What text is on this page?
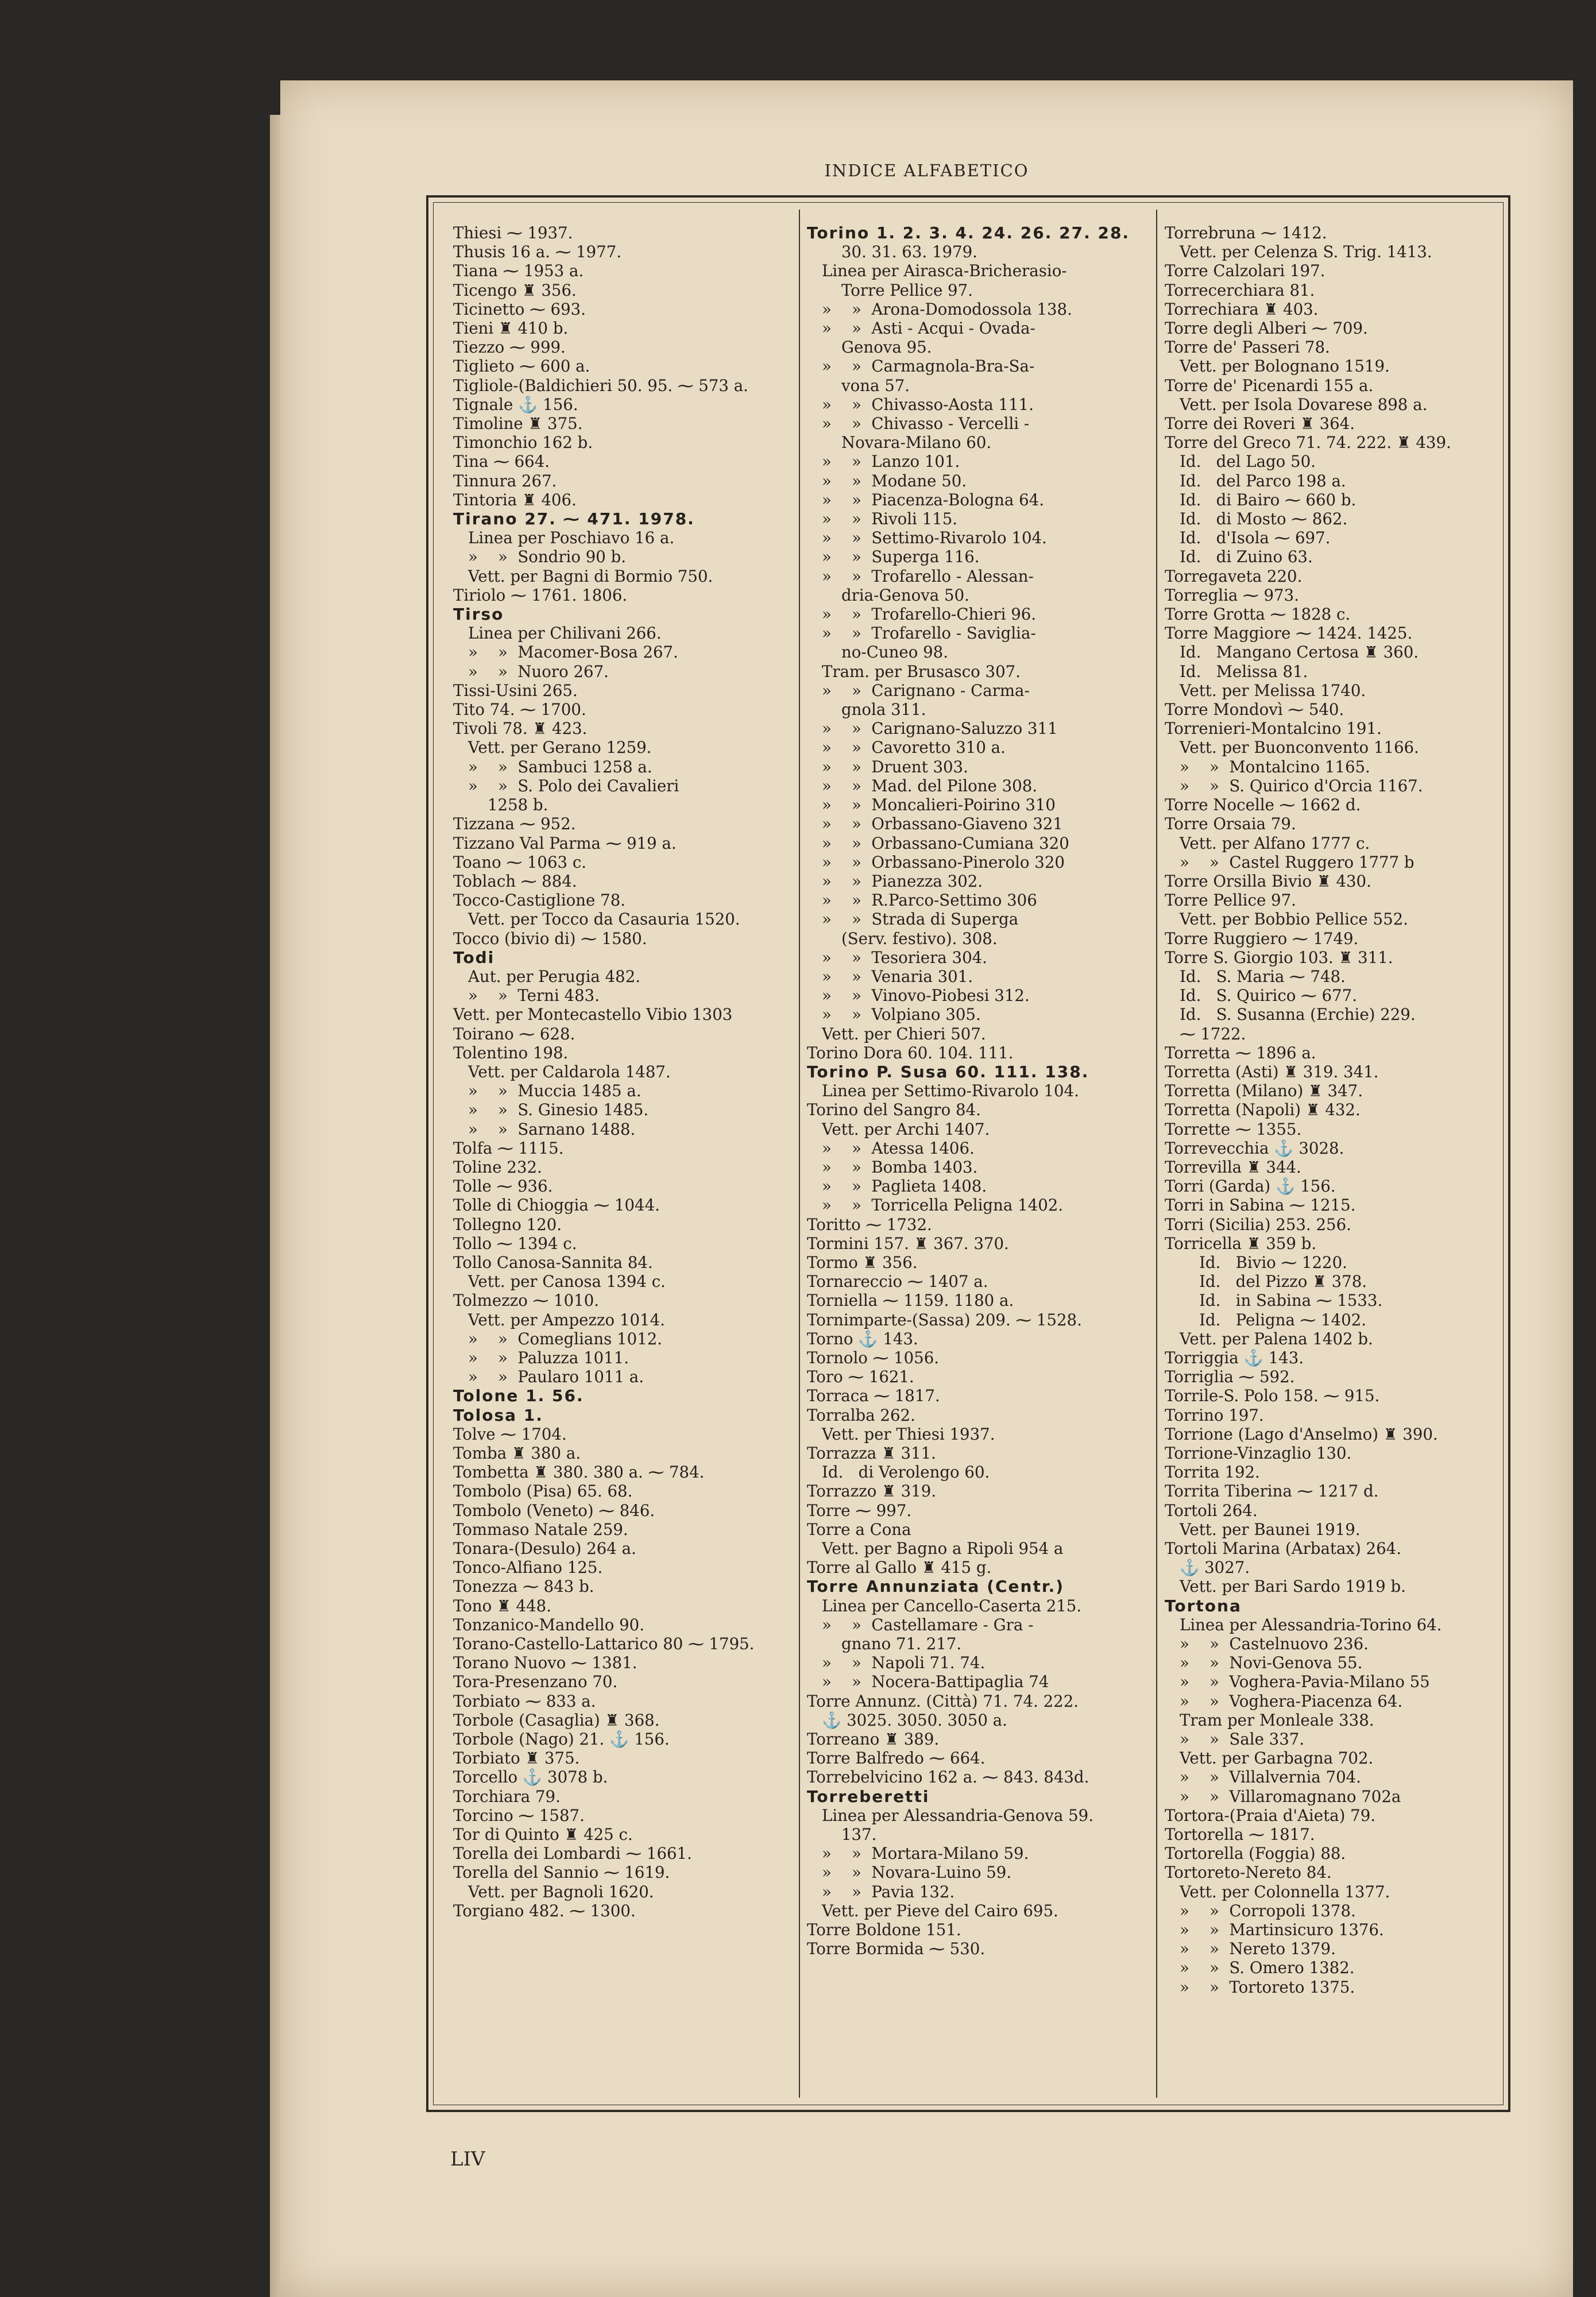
INDICE ALFABETICO
Thiesi ⁓ 1937.
Thusis 16 a. ⁓ 1977.
Tiana ⁓ 1953 a.
Ticengo ♜ 356.
Ticinetto ⁓ 693.
Tieni ♜ 410 b.
Tiezzo ⁓ 999.
Tiglieto ⁓ 600 a.
Tigliole-(Baldichieri 50. 95. ⁓ 573 a.
Tignale ⚓ 156.
Timoline ♜ 375.
Timonchio 162 b.
Tina ⁓ 664.
Tinnura 267.
Tintoria ♜ 406.
Tirano 27. ⁓ 471. 1978.
Linea per Poschiavo 16 a.
»    »  Sondrio 90 b.
Vett. per Bagni di Bormio 750.
Tiriolo ⁓ 1761. 1806.
Tirso
Linea per Chilivani 266.
»    »  Macomer-Bosa 267.
»    »  Nuoro 267.
Tissi-Usini 265.
Tito 74. ⁓ 1700.
Tivoli 78. ♜ 423.
Vett. per Gerano 1259.
»    »  Sambuci 1258 a.
»    »  S. Polo dei Cavalieri
1258 b.
Tizzana ⁓ 952.
Tizzano Val Parma ⁓ 919 a.
Toano ⁓ 1063 c.
Toblach ⁓ 884.
Tocco-Castiglione 78.
Vett. per Tocco da Casauria 1520.
Tocco (bivio di) ⁓ 1580.
Todi
Aut. per Perugia 482.
»    »  Terni 483.
Vett. per Montecastello Vibio 1303
Toirano ⁓ 628.
Tolentino 198.
Vett. per Caldarola 1487.
»    »  Muccia 1485 a.
»    »  S. Ginesio 1485.
»    »  Sarnano 1488.
Tolfa ⁓ 1115.
Toline 232.
Tolle ⁓ 936.
Tolle di Chioggia ⁓ 1044.
Tollegno 120.
Tollo ⁓ 1394 c.
Tollo Canosa-Sannita 84.
Vett. per Canosa 1394 c.
Tolmezzo ⁓ 1010.
Vett. per Ampezzo 1014.
»    »  Comeglians 1012.
»    »  Paluzza 1011.
»    »  Paularo 1011 a.
Tolone 1. 56.
Tolosa 1.
Tolve ⁓ 1704.
Tomba ♜ 380 a.
Tombetta ♜ 380. 380 a. ⁓ 784.
Tombolo (Pisa) 65. 68.
Tombolo (Veneto) ⁓ 846.
Tommaso Natale 259.
Tonara-(Desulo) 264 a.
Tonco-Alfiano 125.
Tonezza ⁓ 843 b.
Tono ♜ 448.
Tonzanico-Mandello 90.
Torano-Castello-Lattarico 80 ⁓ 1795.
Torano Nuovo ⁓ 1381.
Tora-Presenzano 70.
Torbiato ⁓ 833 a.
Torbole (Casaglia) ♜ 368.
Torbole (Nago) 21. ⚓ 156.
Torbiato ♜ 375.
Torcello ⚓ 3078 b.
Torchiara 79.
Torcino ⁓ 1587.
Tor di Quinto ♜ 425 c.
Torella dei Lombardi ⁓ 1661.
Torella del Sannio ⁓ 1619.
Vett. per Bagnoli 1620.
Torgiano 482. ⁓ 1300.
Torino 1. 2. 3. 4. 24. 26. 27. 28.
30. 31. 63. 1979.
Linea per Airasca-Bricherasio-
Torre Pellice 97.
»    »  Arona-Domodossola 138.
»    »  Asti - Acqui - Ovada-
Genova 95.
»    »  Carmagnola-Bra-Sa-
vona 57.
»    »  Chivasso-Aosta 111.
»    »  Chivasso - Vercelli -
Novara-Milano 60.
»    »  Lanzo 101.
»    »  Modane 50.
»    »  Piacenza-Bologna 64.
»    »  Rivoli 115.
»    »  Settimo-Rivarolo 104.
»    »  Superga 116.
»    »  Trofarello - Alessan-
dria-Genova 50.
»    »  Trofarello-Chieri 96.
»    »  Trofarello - Saviglia-
no-Cuneo 98.
Tram. per Brusasco 307.
»    »  Carignano - Carma-
gnola 311.
»    »  Carignano-Saluzzo 311
»    »  Cavoretto 310 a.
»    »  Druent 303.
»    »  Mad. del Pilone 308.
»    »  Moncalieri-Poirino 310
»    »  Orbassano-Giaveno 321
»    »  Orbassano-Cumiana 320
»    »  Orbassano-Pinerolo 320
»    »  Pianezza 302.
»    »  R.Parco-Settimo 306
»    »  Strada di Superga
(Serv. festivo). 308.
»    »  Tesoriera 304.
»    »  Venaria 301.
»    »  Vinovo-Piobesi 312.
»    »  Volpiano 305.
Vett. per Chieri 507.
Torino Dora 60. 104. 111.
Torino P. Susa 60. 111. 138.
Linea per Settimo-Rivarolo 104.
Torino del Sangro 84.
Vett. per Archi 1407.
»    »  Atessa 1406.
»    »  Bomba 1403.
»    »  Paglieta 1408.
»    »  Torricella Peligna 1402.
Toritto ⁓ 1732.
Tormini 157. ♜ 367. 370.
Tormo ♜ 356.
Tornareccio ⁓ 1407 a.
Torniella ⁓ 1159. 1180 a.
Tornimparte-(Sassa) 209. ⁓ 1528.
Torno ⚓ 143.
Tornolo ⁓ 1056.
Toro ⁓ 1621.
Torraca ⁓ 1817.
Torralba 262.
Vett. per Thiesi 1937.
Torrazza ♜ 311.
Id.   di Verolengo 60.
Torrazzo ♜ 319.
Torre ⁓ 997.
Torre a Cona
Vett. per Bagno a Ripoli 954 a
Torre al Gallo ♜ 415 g.
Torre Annunziata (Centr.)
Linea per Cancello-Caserta 215.
»    »  Castellamare - Gra -
gnano 71. 217.
»    »  Napoli 71. 74.
»    »  Nocera-Battipaglia 74
Torre Annunz. (Città) 71. 74. 222.
⚓ 3025. 3050. 3050 a.
Torreano ♜ 389.
Torre Balfredo ⁓ 664.
Torrebelvicino 162 a. ⁓ 843. 843d.
Torreberetti
Linea per Alessandria-Genova 59.
137.
»    »  Mortara-Milano 59.
»    »  Novara-Luino 59.
»    »  Pavia 132.
Vett. per Pieve del Cairo 695.
Torre Boldone 151.
Torre Bormida ⁓ 530.
Torrebruna ⁓ 1412.
Vett. per Celenza S. Trig. 1413.
Torre Calzolari 197.
Torrecerchiara 81.
Torrechiara ♜ 403.
Torre degli Alberi ⁓ 709.
Torre de' Passeri 78.
Vett. per Bolognano 1519.
Torre de' Picenardi 155 a.
Vett. per Isola Dovarese 898 a.
Torre dei Roveri ♜ 364.
Torre del Greco 71. 74. 222. ♜ 439.
Id.   del Lago 50.
Id.   del Parco 198 a.
Id.   di Bairo ⁓ 660 b.
Id.   di Mosto ⁓ 862.
Id.   d'Isola ⁓ 697.
Id.   di Zuino 63.
Torregaveta 220.
Torreglia ⁓ 973.
Torre Grotta ⁓ 1828 c.
Torre Maggiore ⁓ 1424. 1425.
Id.   Mangano Certosa ♜ 360.
Id.   Melissa 81.
Vett. per Melissa 1740.
Torre Mondovì ⁓ 540.
Torrenieri-Montalcino 191.
Vett. per Buonconvento 1166.
»    »  Montalcino 1165.
»    »  S. Quirico d'Orcia 1167.
Torre Nocelle ⁓ 1662 d.
Torre Orsaia 79.
Vett. per Alfano 1777 c.
»    »  Castel Ruggero 1777 b
Torre Orsilla Bivio ♜ 430.
Torre Pellice 97.
Vett. per Bobbio Pellice 552.
Torre Ruggiero ⁓ 1749.
Torre S. Giorgio 103. ♜ 311.
Id.   S. Maria ⁓ 748.
Id.   S. Quirico ⁓ 677.
Id.   S. Susanna (Erchie) 229.
⁓ 1722.
Torretta ⁓ 1896 a.
Torretta (Asti) ♜ 319. 341.
Torretta (Milano) ♜ 347.
Torretta (Napoli) ♜ 432.
Torrette ⁓ 1355.
Torrevecchia ⚓ 3028.
Torrevilla ♜ 344.
Torri (Garda) ⚓ 156.
Torri in Sabina ⁓ 1215.
Torri (Sicilia) 253. 256.
Torricella ♜ 359 b.
Id.   Bivio ⁓ 1220.
Id.   del Pizzo ♜ 378.
Id.   in Sabina ⁓ 1533.
Id.   Peligna ⁓ 1402.
Vett. per Palena 1402 b.
Torriggia ⚓ 143.
Torriglia ⁓ 592.
Torrile-S. Polo 158. ⁓ 915.
Torrino 197.
Torrione (Lago d'Anselmo) ♜ 390.
Torrione-Vinzaglio 130.
Torrita 192.
Torrita Tiberina ⁓ 1217 d.
Tortoli 264.
Vett. per Baunei 1919.
Tortoli Marina (Arbatax) 264.
⚓ 3027.
Vett. per Bari Sardo 1919 b.
Tortona
Linea per Alessandria-Torino 64.
»    »  Castelnuovo 236.
»    »  Novi-Genova 55.
»    »  Voghera-Pavia-Milano 55
»    »  Voghera-Piacenza 64.
Tram per Monleale 338.
»    »  Sale 337.
Vett. per Garbagna 702.
»    »  Villalvernia 704.
»    »  Villaromagnano 702a
Tortora-(Praia d'Aieta) 79.
Tortorella ⁓ 1817.
Tortorella (Foggia) 88.
Tortoreto-Nereto 84.
Vett. per Colonnella 1377.
»    »  Corropoli 1378.
»    »  Martinsicuro 1376.
»    »  Nereto 1379.
»    »  S. Omero 1382.
»    »  Tortoreto 1375.
LIV
